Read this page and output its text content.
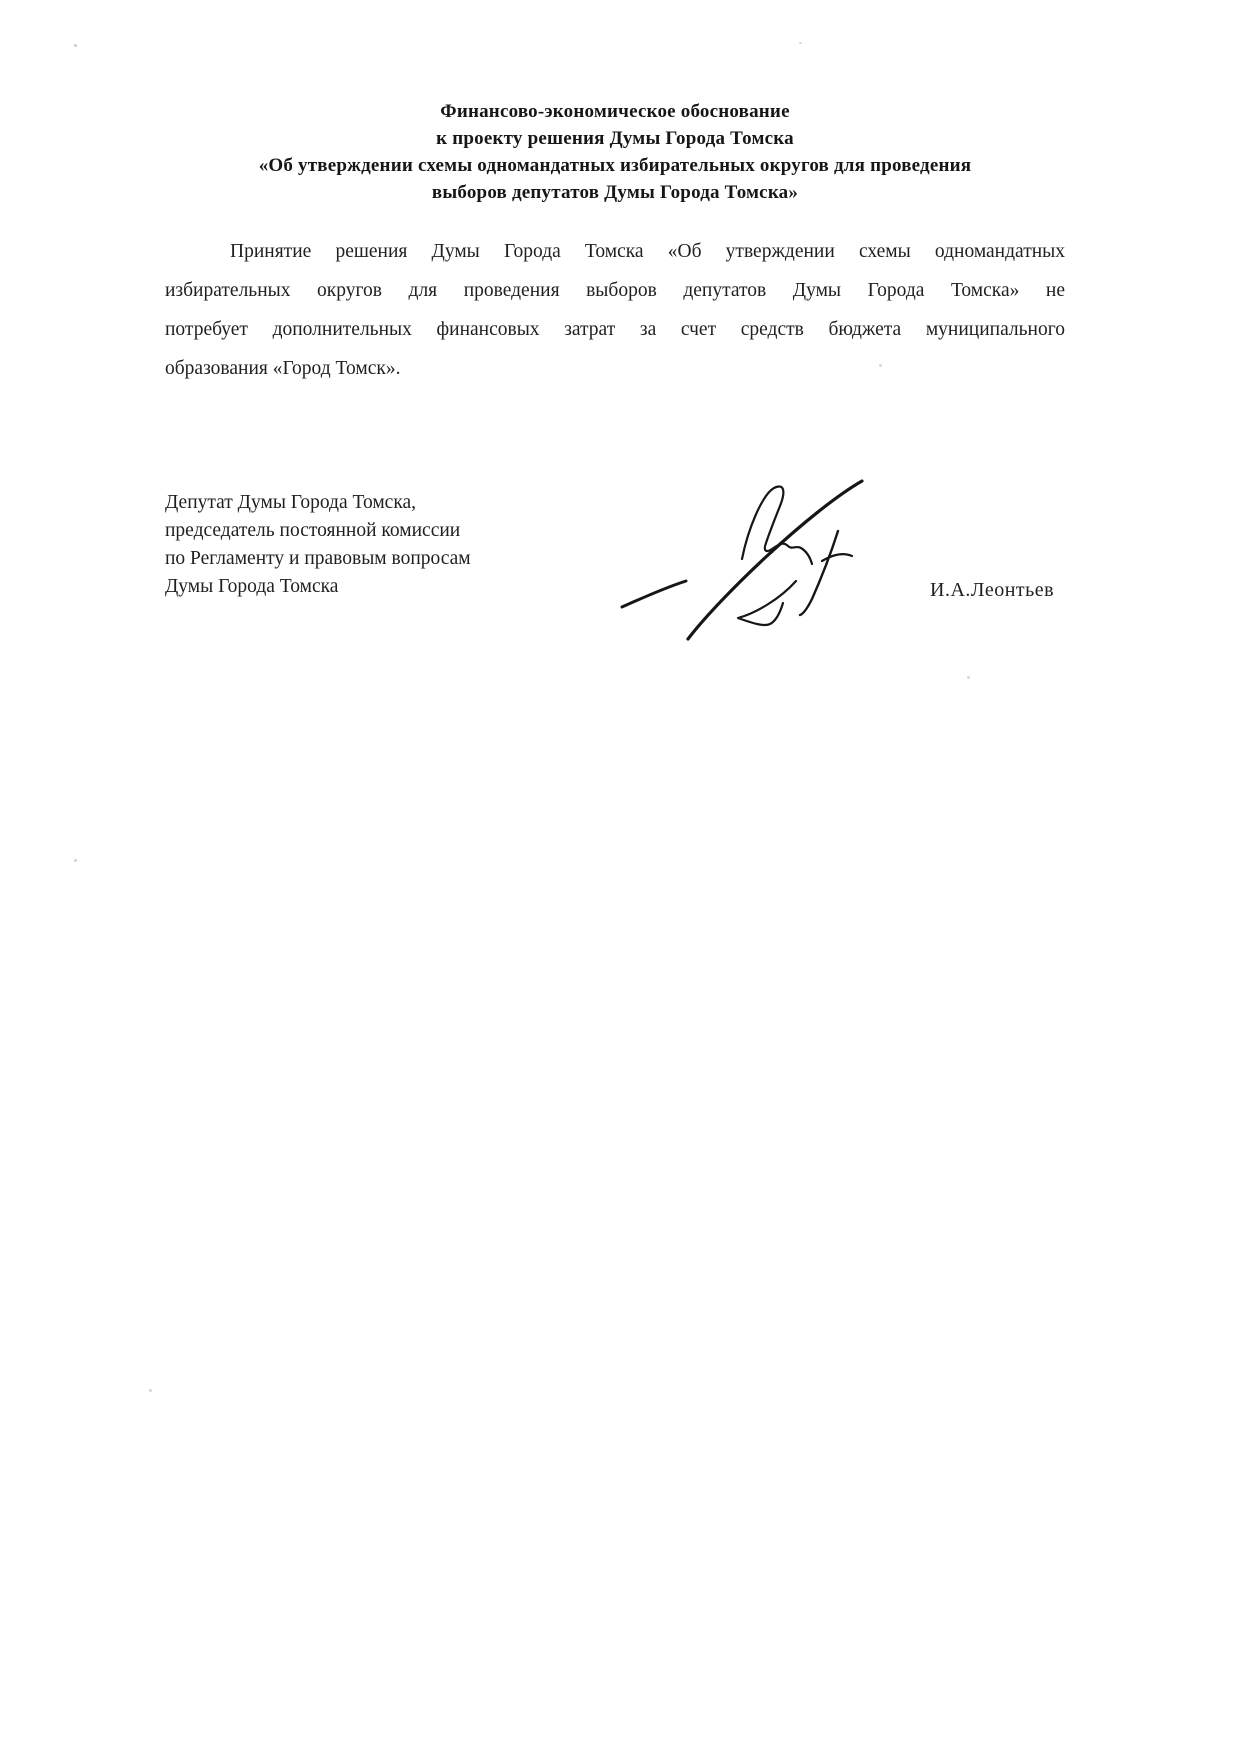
Финансово-экономическое обоснование
к проекту решения Думы Города Томска
«Об утверждении схемы одномандатных избирательных округов для проведения
выборов депутатов Думы Города Томска»
Принятие решения Думы Города Томска «Об утверждении схемы одномандатных
избирательных округов для проведения выборов депутатов Думы Города Томска» не
потребует дополнительных финансовых затрат за счет средств бюджета муниципального
образования «Город Томск».
Депутат Думы Города Томска,
председатель постоянной комиссии
по Регламенту и правовым вопросам
Думы Города Томска	И.А.Леонтьев
